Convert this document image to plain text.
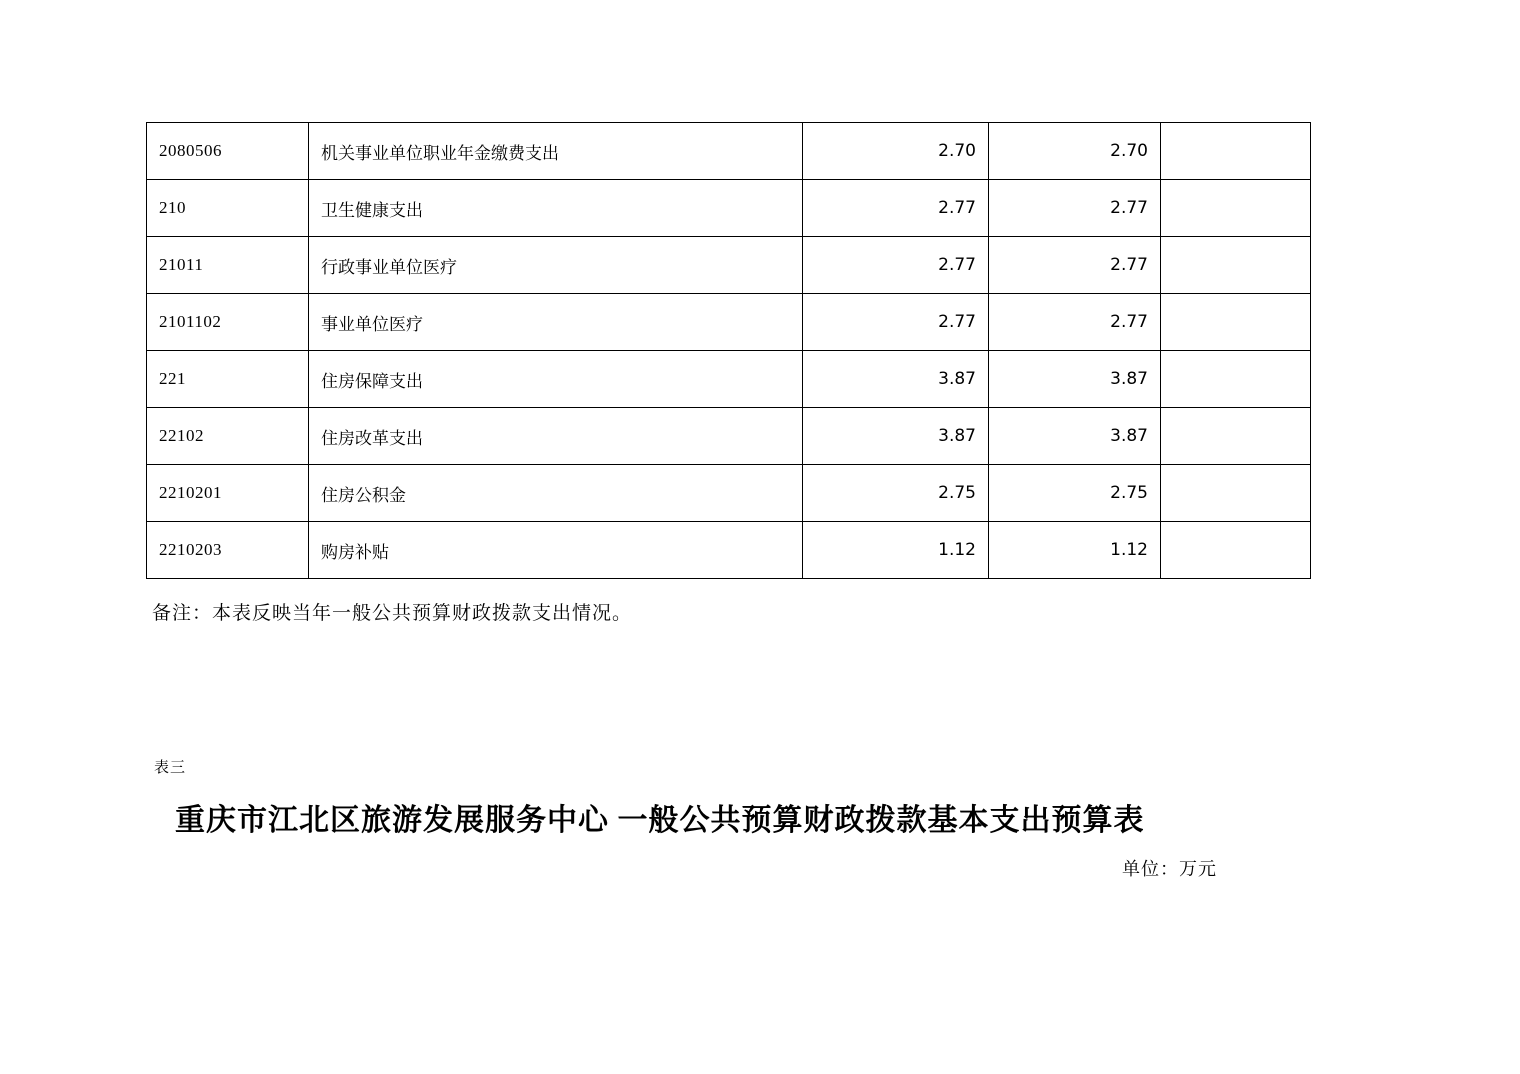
2080506	机关事业单位职业年金缴费支出	2.70	2.70	
210	卫生健康支出	2.77	2.77	
21011	行政事业单位医疗	2.77	2.77	
2101102	事业单位医疗	2.77	2.77	
221	住房保障支出	3.87	3.87	
22102	住房改革支出	3.87	3.87	
2210201	住房公积金	2.75	2.75	
2210203	购房补贴	1.12	1.12	
备注：本表反映当年一般公共预算财政拨款支出情况。
表三
重庆市江北区旅游发展服务中心 一般公共预算财政拨款基本支出预算表
单位：万元
